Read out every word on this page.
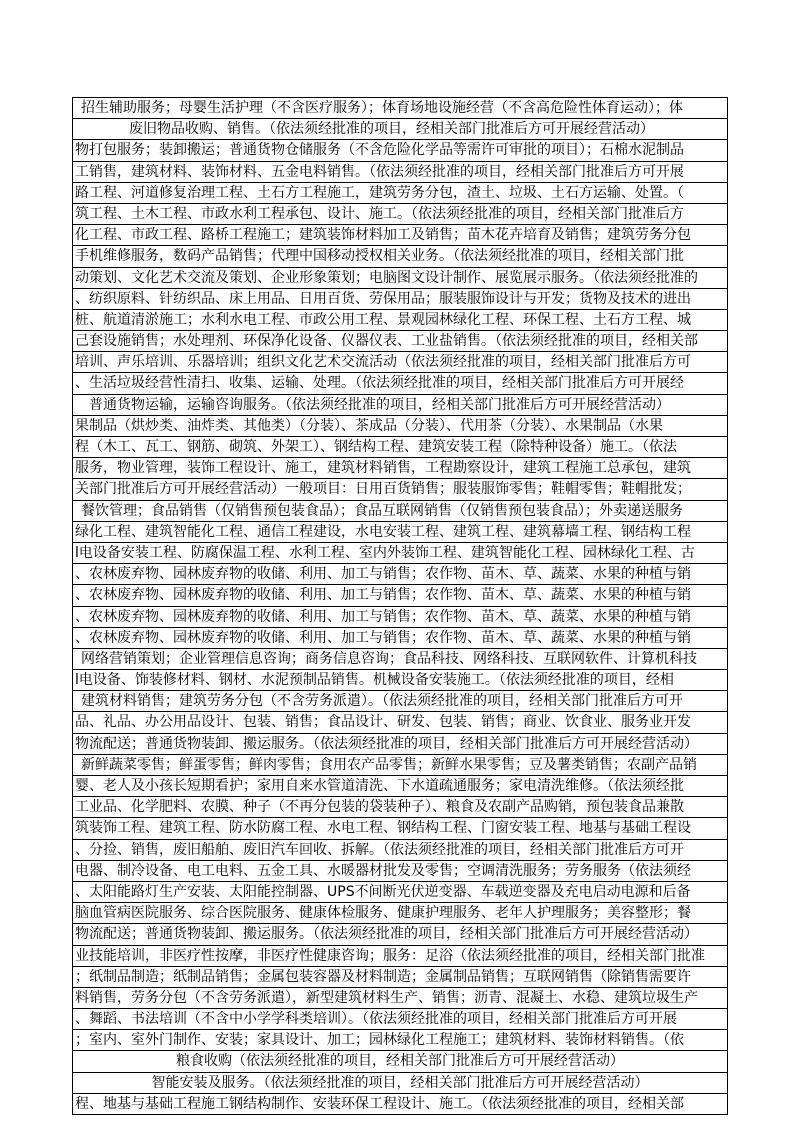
招生辅助服务；母婴生活护理（不含医疗服务）；体育场地设施经营（不含高危险性体育运动）；体
废旧物品收购、销售。（依法须经批准的项目，经相关部门批准后方可开展经营活动）
物打包服务；装卸搬运；普通货物仓储服务（不含危险化学品等需许可审批的项目）；石棉水泥制品
工销售，建筑材料、装饰材料、五金电料销售。（依法须经批准的项目，经相关部门批准后方可开展
路工程、河道修复治理工程、土石方工程施工，建筑劳务分包，渣土、垃圾、土石方运输、处置。（
筑工程、土木工程、市政水利工程承包、设计、施工。（依法须经批准的项目，经相关部门批准后方
化工程、市政工程、路桥工程施工；建筑装饰材料加工及销售；苗木花卉培育及销售；建筑劳务分包
手机维修服务，数码产品销售；代理中国移动授权相关业务。（依法须经批准的项目，经相关部门批
动策划、文化艺术交流及策划、企业形象策划；电脑图文设计制作、展览展示服务。（依法须经批准的
、纺织原料、针纺织品、床上用品、日用百货、劳保用品；服装服饰设计与开发；货物及技术的进出
桩、航道清淤施工；水利水电工程、市政公用工程、景观园林绿化工程、环保工程、土石方工程、城
己套设施销售；水处理剂、环保净化设备、仪器仪表、工业盐销售。（依法须经批准的项目，经相关部
培训、声乐培训、乐器培训；组织文化艺术交流活动（依法须经批准的项目，经相关部门批准后方可
、生活垃圾经营性清扫、收集、运输、处理。（依法须经批准的项目，经相关部门批准后方可开展经
普通货物运输，运输咨询服务。（依法须经批准的项目，经相关部门批准后方可开展经营活动）
果制品（烘炒类、油炸类、其他类）（分装）、茶成品（分装）、代用茶（分装）、水果制品（水果
程（木工、瓦工、钢筋、砌筑、外架工）、钢结构工程、建筑安装工程（除特种设备）施工。（依法
服务，物业管理，装饰工程设计、施工，建筑材料销售，工程勘察设计，建筑工程施工总承包，建筑
关部门批准后方可开展经营活动）一般项目：日用百货销售；服装服饰零售；鞋帽零售；鞋帽批发；
餐饮管理；食品销售（仅销售预包装食品）；食品互联网销售（仅销售预包装食品）；外卖递送服务
绿化工程、建筑智能化工程、通信工程建设，水电安装工程、建筑工程、建筑幕墙工程、钢结构工程
l电设备安装工程、防腐保温工程、水利工程、室内外装饰工程、建筑智能化工程、园林绿化工程、古
、农林废弃物、园林废弃物的收储、利用、加工与销售；农作物、苗木、草、蔬菜、水果的种植与销
、农林废弃物、园林废弃物的收储、利用、加工与销售；农作物、苗木、草、蔬菜、水果的种植与销
、农林废弃物、园林废弃物的收储、利用、加工与销售；农作物、苗木、草、蔬菜、水果的种植与销
、农林废弃物、园林废弃物的收储、利用、加工与销售；农作物、苗木、草、蔬菜、水果的种植与销
网络营销策划；企业管理信息咨询；商务信息咨询；食品科技、网络科技、互联网软件、计算机科技
l电设备、饰装修材料、钢材、水泥预制品销售。机械设备安装施工。（依法须经批准的项目，经相
建筑材料销售；建筑劳务分包（不含劳务派遣）。（依法须经批准的项目，经相关部门批准后方可开
品、礼品、办公用品设计、包装、销售；食品设计、研发、包装、销售；商业、饮食业、服务业开发
物流配送；普通货物装卸、搬运服务。（依法须经批准的项目，经相关部门批准后方可开展经营活动）
新鲜蔬菜零售；鲜蛋零售；鲜肉零售；食用农产品零售；新鲜水果零售；豆及薯类销售；农副产品销
婴、老人及小孩长短期看护；家用自来水管道清洗、下水道疏通服务；家电清洗维修。（依法须经批
工业品、化学肥料、农膜、种子（不再分包装的袋装种子）、粮食及农副产品购销，预包装食品兼散
筑装饰工程、建筑工程、防水防腐工程、水电工程、钢结构工程、门窗安装工程、地基与基础工程设
、分捡、销售，废旧船舶、废旧汽车回收、拆解。（依法须经批准的项目，经相关部门批准后方可开
电器、制冷设备、电工电料、五金工具、水暖器材批发及零售；空调清洗服务；劳务服务（依法须经
、太阳能路灯生产安装、太阳能控制器、UPS不间断光伏逆变器、车载逆变器及充电启动电源和后备
脑血管病医院服务、综合医院服务、健康体检服务、健康护理服务、老年人护理服务；美容整形；餐
物流配送；普通货物装卸、搬运服务。（依法须经批准的项目，经相关部门批准后方可开展经营活动）
业技能培训，非医疗性按摩，非医疗性健康咨询；服务：足浴（依法须经批准的项目，经相关部门批准
；纸制品制造；纸制品销售；金属包装容器及材料制造；金属制品销售；互联网销售（除销售需要许
料销售，劳务分包（不含劳务派遣），新型建筑材料生产、销售；沥青、混凝土、水稳、建筑垃圾生产
、舞蹈、书法培训（不含中小学学科类培训）。（依法须经批准的项目，经相关部门批准后方可开展
；室内、室外门制作、安装；家具设计、加工；园林绿化工程施工；建筑材料、装饰材料销售。（依
粮食收购（依法须经批准的项目，经相关部门批准后方可开展经营活动）
智能安装及服务。（依法须经批准的项目，经相关部门批准后方可开展经营活动）
程、地基与基础工程施工钢结构制作、安装环保工程设计、施工。（依法须经批准的项目，经相关部
